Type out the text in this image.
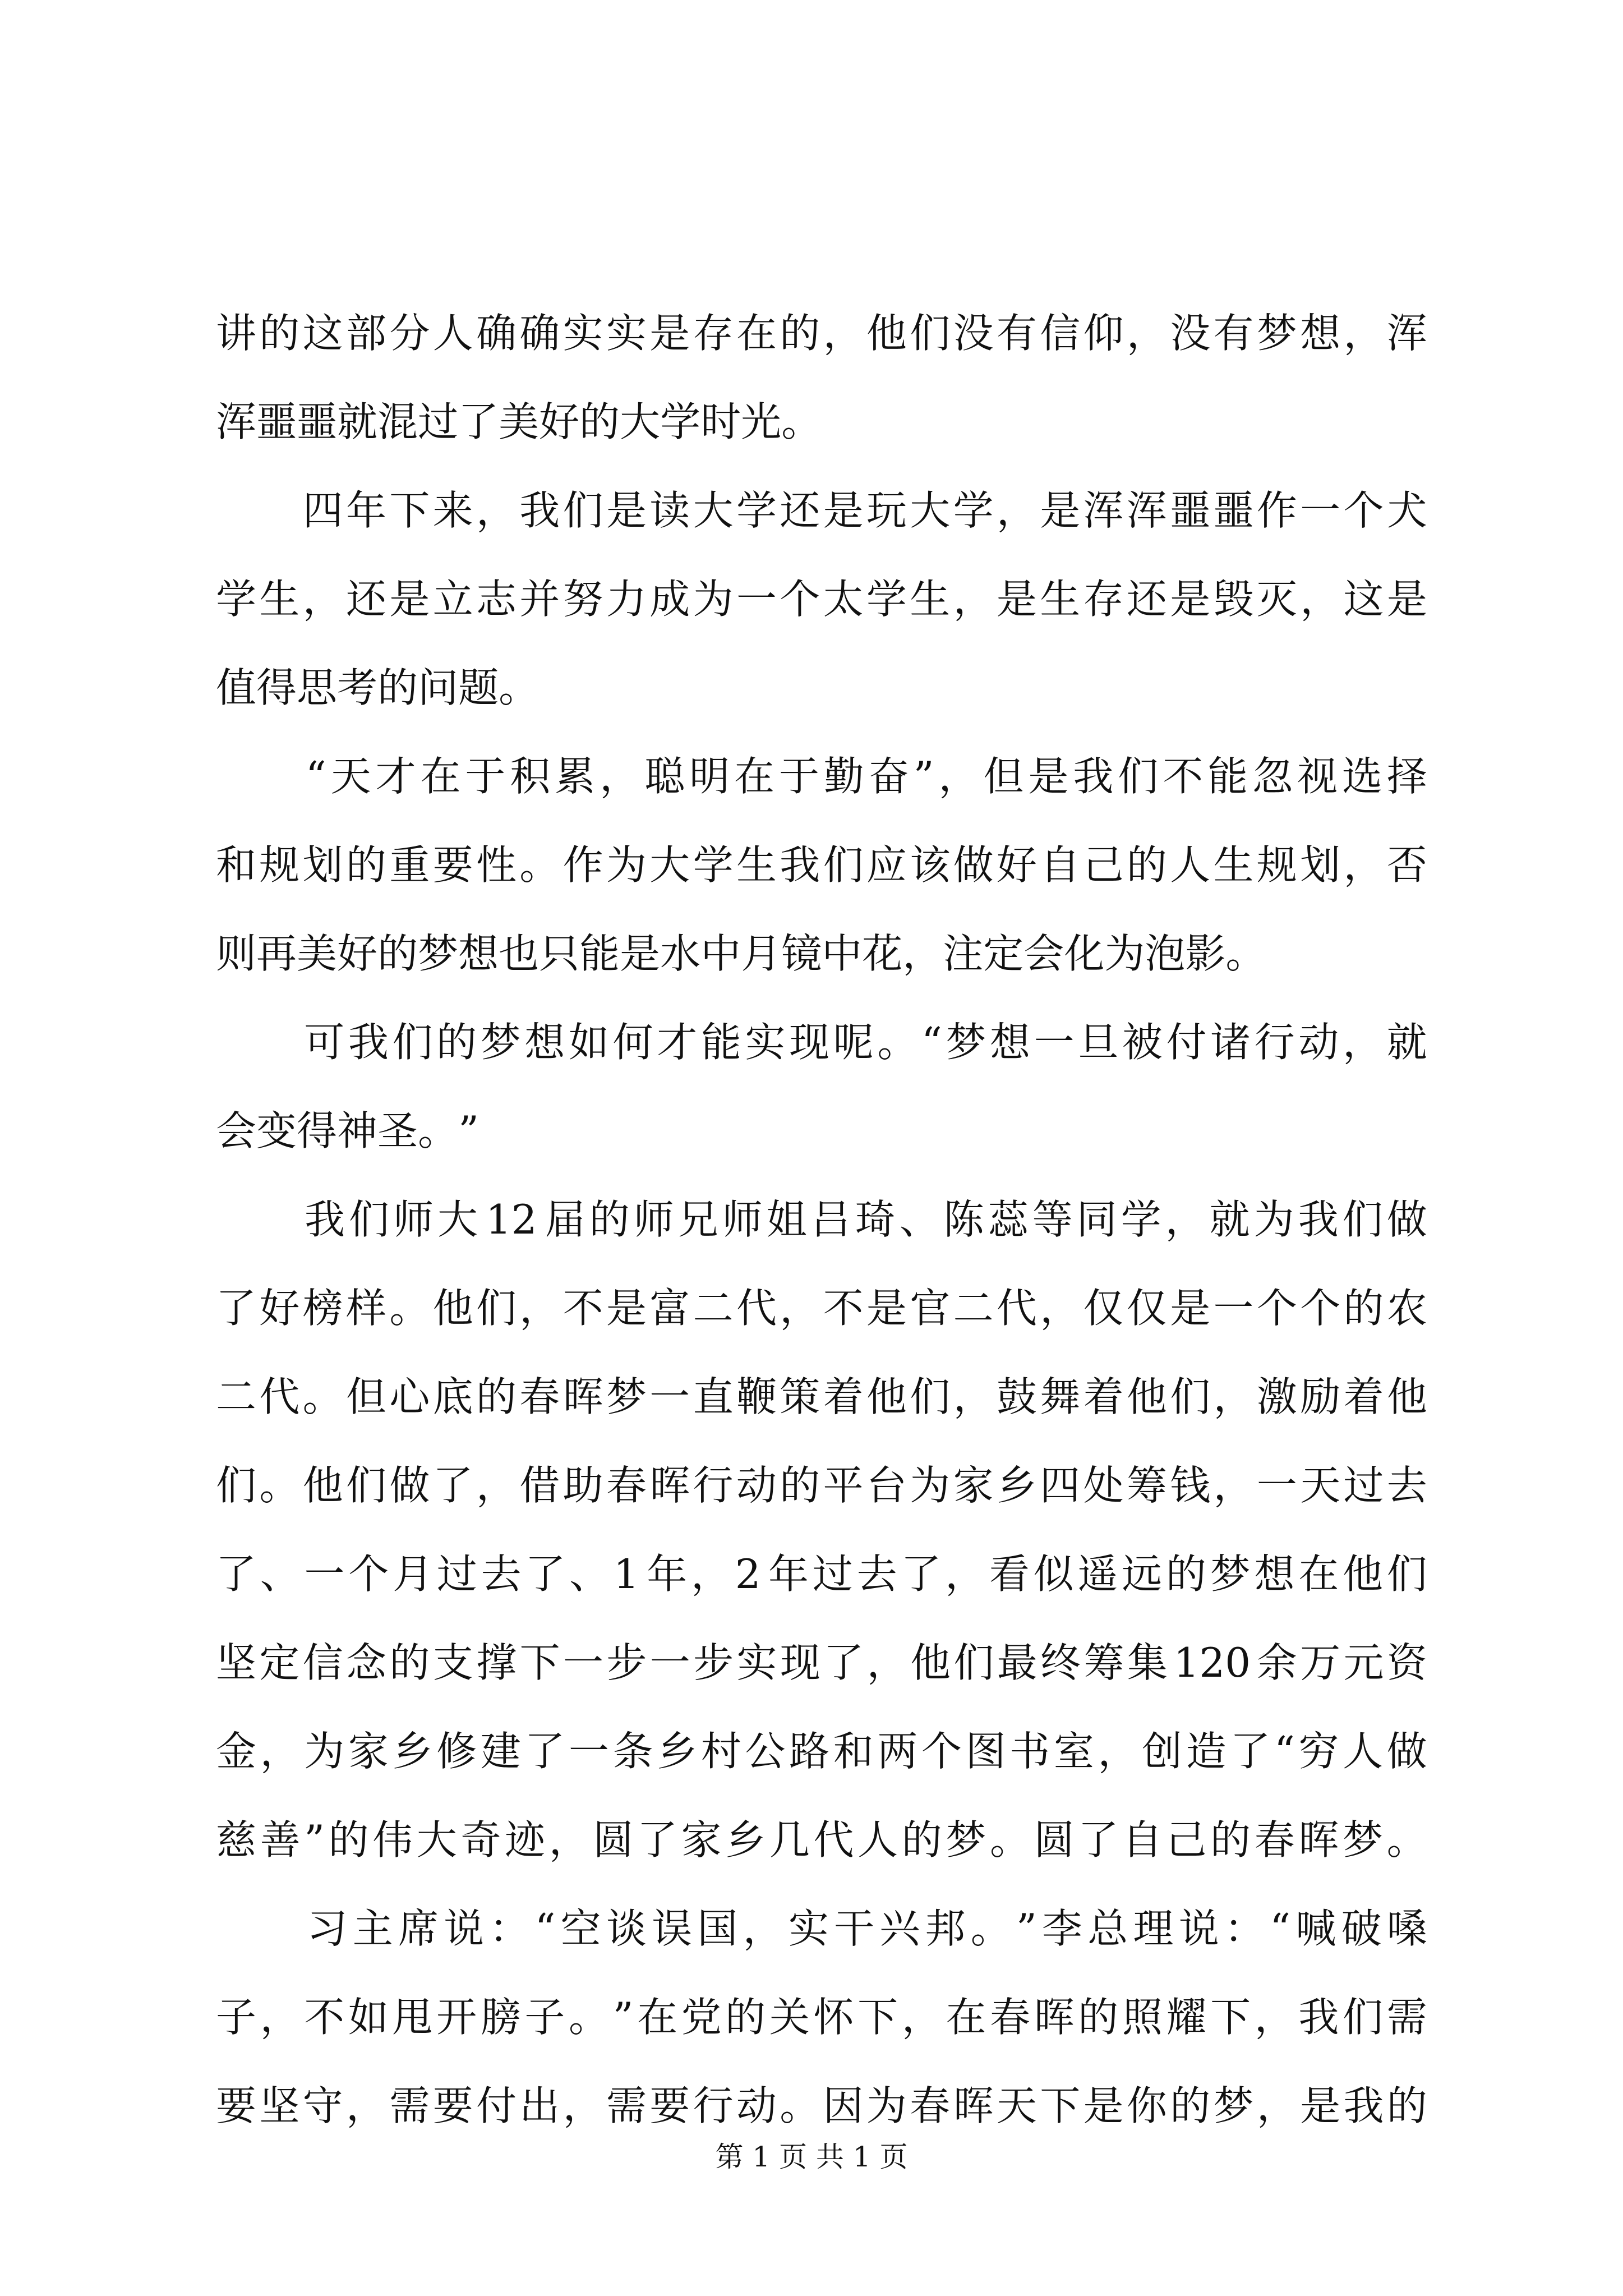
讲 的 这 部 分 人 确 确 实 实 是 存 在 的 ， 他 们 没 有 信 仰 ， 没 有 梦 想 ， 浑
浑 噩 噩 就 混 过 了 美 好 的 大 学 时 光 。

四 年 下 来 ， 我 们 是 读 大 学 还 是 玩 大 学 ， 是 浑 浑 噩 噩 作 一 个 犬
学 生 ， 还 是 立 志 并 努 力 成 为 一 个 太 学 生 ， 是 生 存 还 是 毁 灭 ， 这 是
值 得 思 考 的 问 题 。

“ 天 才 在 于 积 累 ， 聪 明 在 于 勤 奋 ” ， 但 是 我 们 不 能 忽 视 选 择
和 规 划 的 重 要 性 。 作 为 大 学 生 我 们 应 该 做 好 自 己 的 人 生 规 划 ， 否
则 再 美 好 的 梦 想 也 只 能 是 水 中 月 镜 中 花 ， 注 定 会 化 为 泡 影 。

可 我 们 的 梦 想 如 何 才 能 实 现 呢 。 “ 梦 想 一 旦 被 付 诸 行 动 ， 就
会 变 得 神 圣 。 ”

我 们 师 大 12 届 的 师 兄 师 姐 吕 琦 、 陈 蕊 等 同 学 ， 就 为 我 们 做
了 好 榜 样 。 他 们 ， 不 是 富 二 代 ， 不 是 官 二 代 ， 仅 仅 是 一 个 个 的 农
二 代 。 但 心 底 的 春 晖 梦 一 直 鞭 策 着 他 们 ， 鼓 舞 着 他 们 ， 激 励 着 他
们 。 他 们 做 了 ， 借 助 春 晖 行 动 的 平 台 为 家 乡 四 处 筹 钱 ， 一 天 过 去
了 、 一 个 月 过 去 了 、 1 年 ， 2 年 过 去 了 ， 看 似 遥 远 的 梦 想 在 他 们
坚 定 信 念 的 支 撑 下 一 步 一 步 实 现 了 ， 他 们 最 终 筹 集 120 余 万 元 资
金 ， 为 家 乡 修 建 了 一 条 乡 村 公 路 和 两 个 图 书 室 ， 创 造 了 “ 穷 人 做
慈 善 ” 的 伟 大 奇 迹 ， 圆 了 家 乡 几 代 人 的 梦 。 圆 了 自 己 的 春 晖 梦 。

习 主 席 说 ： “ 空 谈 误 国 ， 实 干 兴 邦 。 ” 李 总 理 说 ： “ 喊 破 嗓
子 ， 不 如 甩 开 膀 子 。 ” 在 党 的 关 怀 下 ， 在 春 晖 的 照 耀 下 ， 我 们 需
要 坚 守 ， 需 要 付 出 ， 需 要 行 动 。 因 为 春 晖 天 下 是 你 的 梦 ， 是 我 的
第 1 页 共 1 页
